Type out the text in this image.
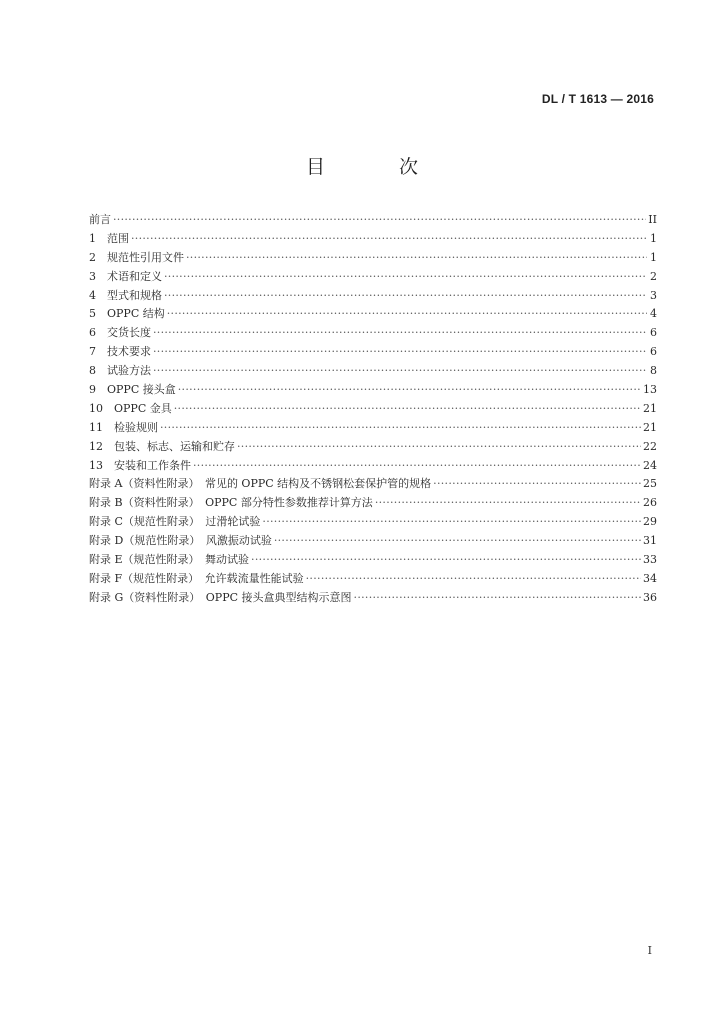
DL / T 1613 — 2016
目 次
前言 ·····	II
1　范围 ·····	1
2　规范性引用文件 ·····	1
3　术语和定义 ·····	2
4　型式和规格 ·····	3
5　OPPC 结构 ·····	4
6　交货长度 ·····	6
7　技术要求 ·····	6
8　试验方法 ·····	8
9　OPPC 接头盒 ·····	13
10　OPPC 金具 ·····	21
11　检验规则 ·····	21
12　包装、标志、运输和贮存 ·····	22
13　安装和工作条件 ·····	24
附录 A（资料性附录）　常见的 OPPC 结构及不锈钢松套保护管的规格 ·····	25
附录 B（资料性附录）　OPPC 部分特性参数推荐计算方法 ·····	26
附录 C（规范性附录）　过滑轮试验 ·····	29
附录 D（规范性附录）　风激振动试验 ·····	31
附录 E（规范性附录）　舞动试验 ·····	33
附录 F（规范性附录）　允许载流量性能试验 ·····	34
附录 G（资料性附录）　OPPC 接头盒典型结构示意图 ·····	36
I
